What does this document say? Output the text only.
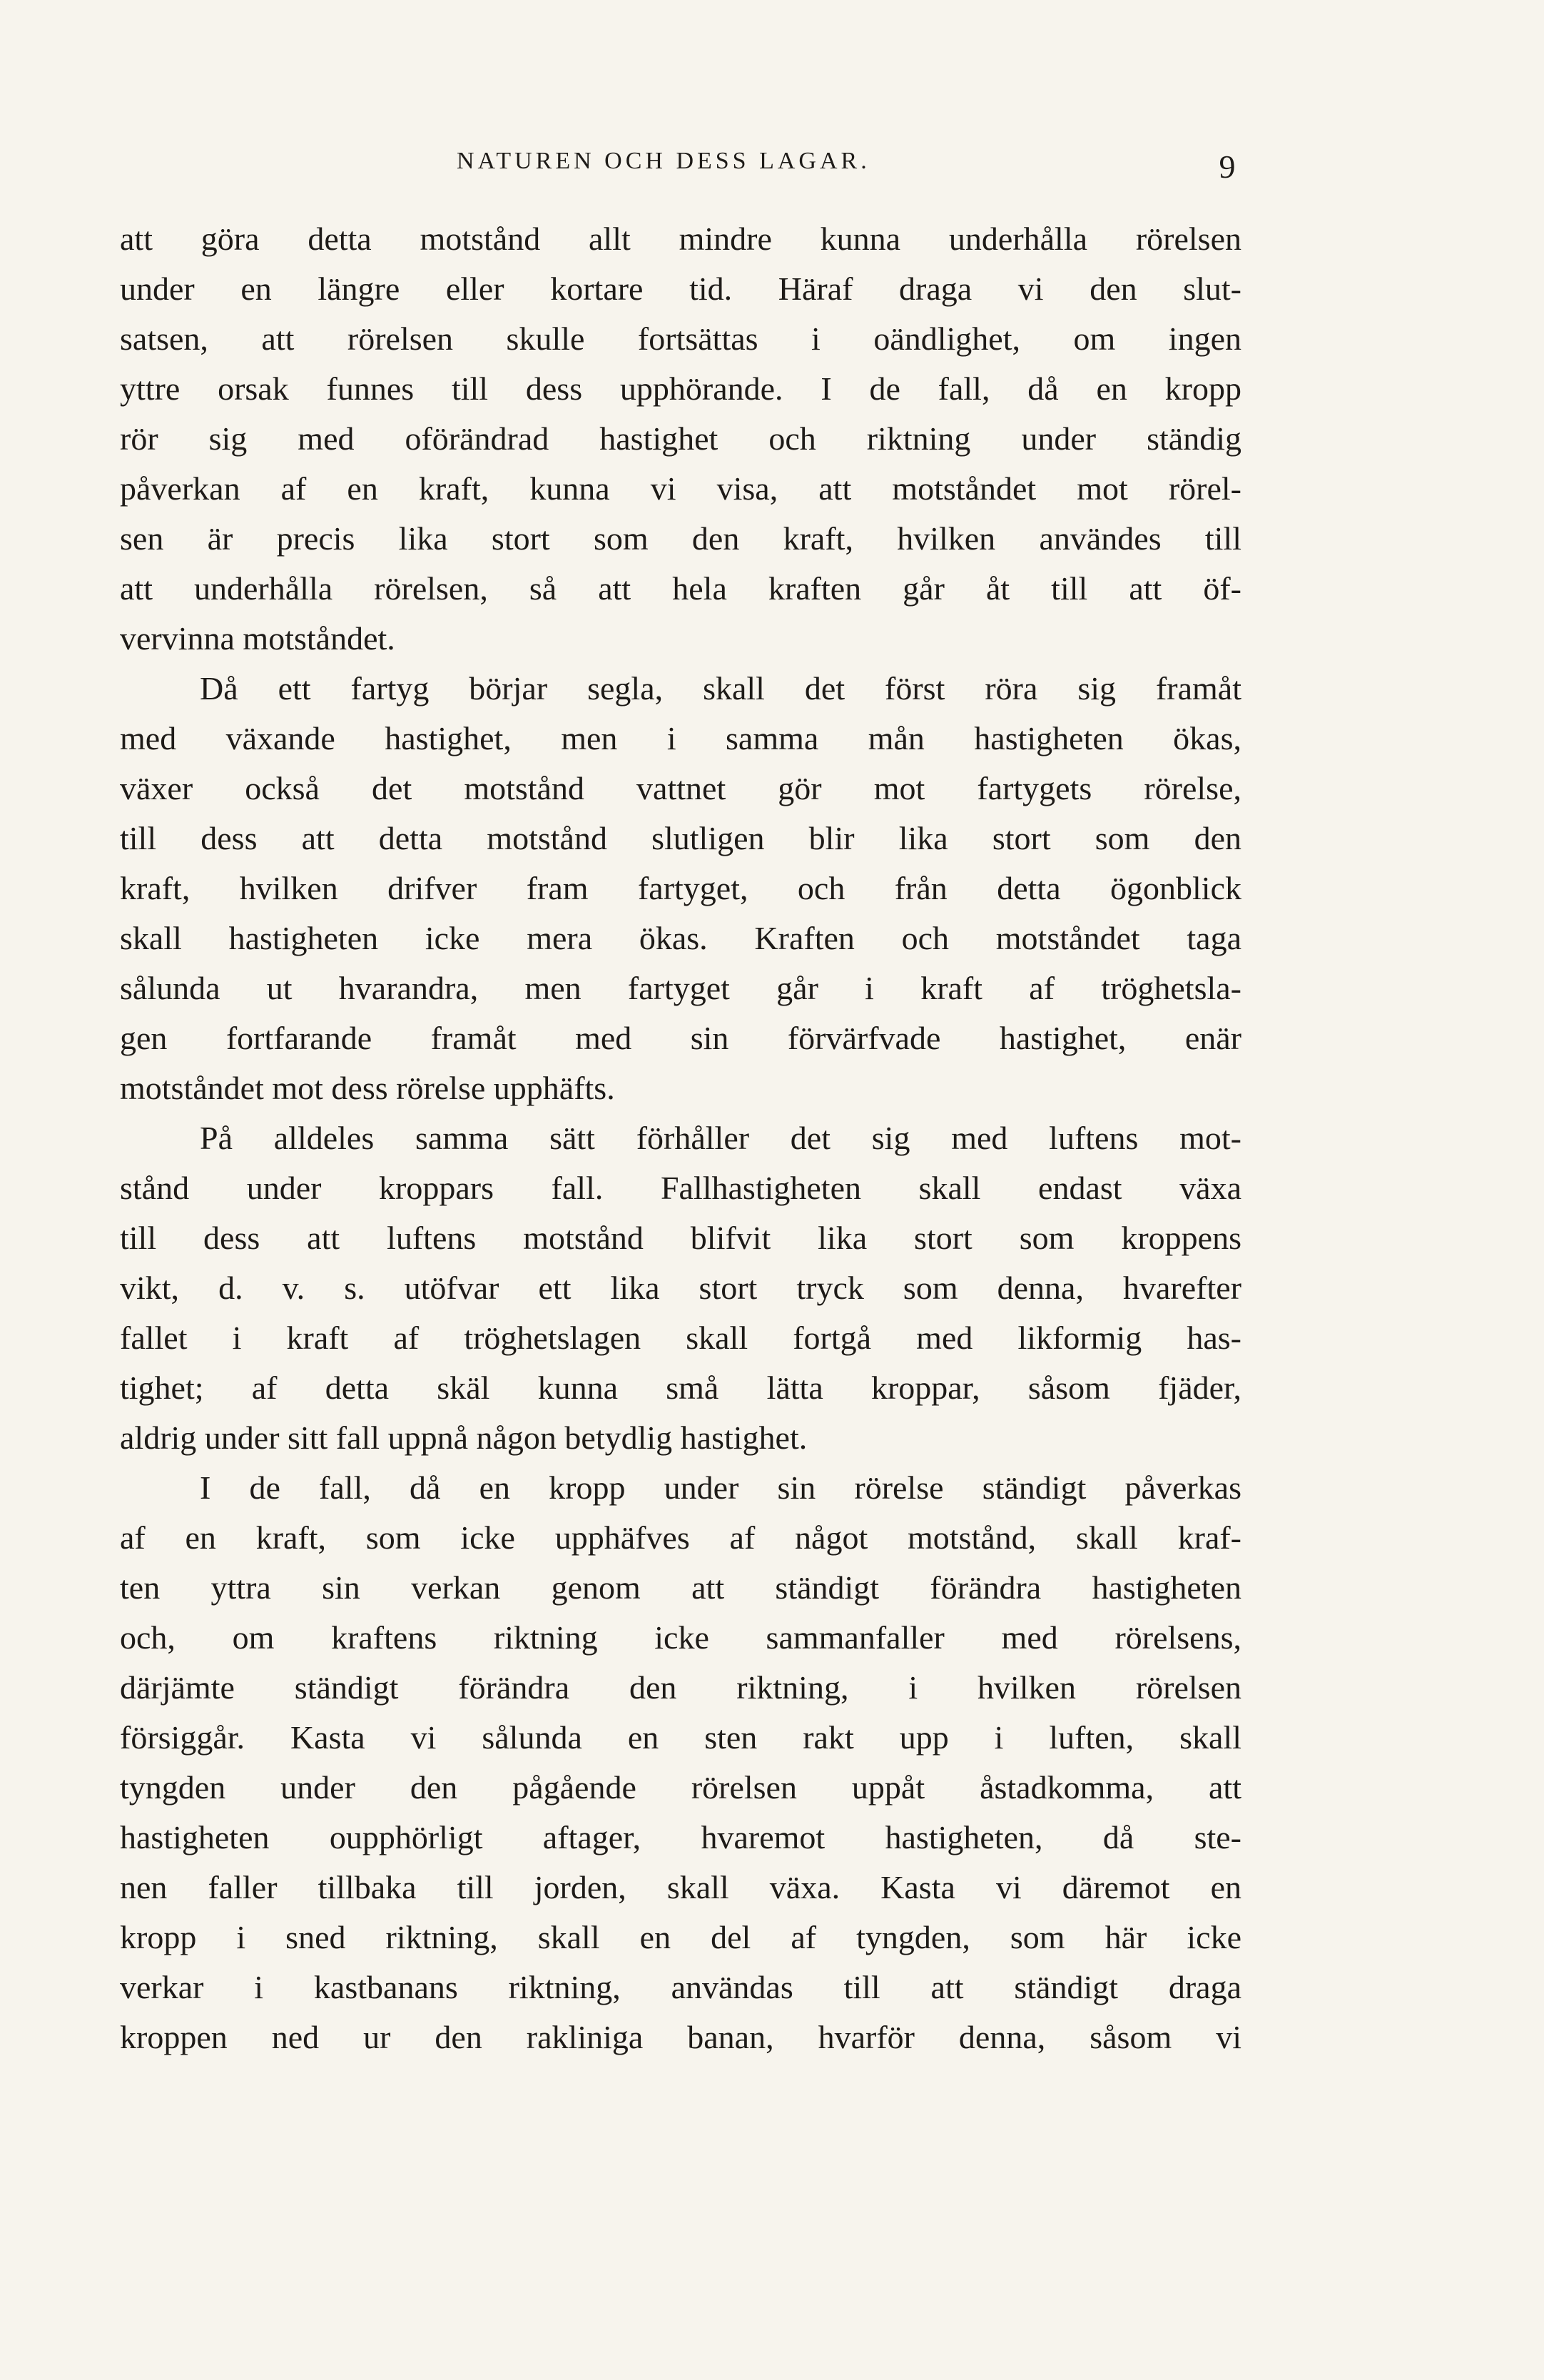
NATUREN OCH DESS LAGAR.	9
att göra detta motstånd allt mindre kunna underhålla rörelsen
under en längre eller kortare tid. Häraf draga vi den slut-
satsen, att rörelsen skulle fortsättas i oändlighet, om ingen
yttre orsak funnes till dess upphörande. I de fall, då en kropp
rör sig med oförändrad hastighet och riktning under ständig
påverkan af en kraft, kunna vi visa, att motståndet mot rörel-
sen är precis lika stort som den kraft, hvilken användes till
att underhålla rörelsen, så att hela kraften går åt till att öf-
vervinna motståndet.
Då ett fartyg börjar segla, skall det först röra sig framåt
med växande hastighet, men i samma mån hastigheten ökas,
växer också det motstånd vattnet gör mot fartygets rörelse,
till dess att detta motstånd slutligen blir lika stort som den
kraft, hvilken drifver fram fartyget, och från detta ögonblick
skall hastigheten icke mera ökas. Kraften och motståndet taga
sålunda ut hvarandra, men fartyget går i kraft af tröghetsla-
gen fortfarande framåt med sin förvärfvade hastighet, enär
motståndet mot dess rörelse upphäfts.
På alldeles samma sätt förhåller det sig med luftens mot-
stånd under kroppars fall. Fallhastigheten skall endast växa
till dess att luftens motstånd blifvit lika stort som kroppens
vikt, d. v. s. utöfvar ett lika stort tryck som denna, hvarefter
fallet i kraft af tröghetslagen skall fortgå med likformig has-
tighet; af detta skäl kunna små lätta kroppar, såsom fjäder,
aldrig under sitt fall uppnå någon betydlig hastighet.
I de fall, då en kropp under sin rörelse ständigt påverkas
af en kraft, som icke upphäfves af något motstånd, skall kraf-
ten yttra sin verkan genom att ständigt förändra hastigheten
och, om kraftens riktning icke sammanfaller med rörelsens,
därjämte ständigt förändra den riktning, i hvilken rörelsen
försiggår. Kasta vi sålunda en sten rakt upp i luften, skall
tyngden under den pågående rörelsen uppåt åstadkomma, att
hastigheten oupphörligt aftager, hvaremot hastigheten, då ste-
nen faller tillbaka till jorden, skall växa. Kasta vi däremot en
kropp i sned riktning, skall en del af tyngden, som här icke
verkar i kastbanans riktning, användas till att ständigt draga
kroppen ned ur den rakliniga banan, hvarför denna, såsom vi
